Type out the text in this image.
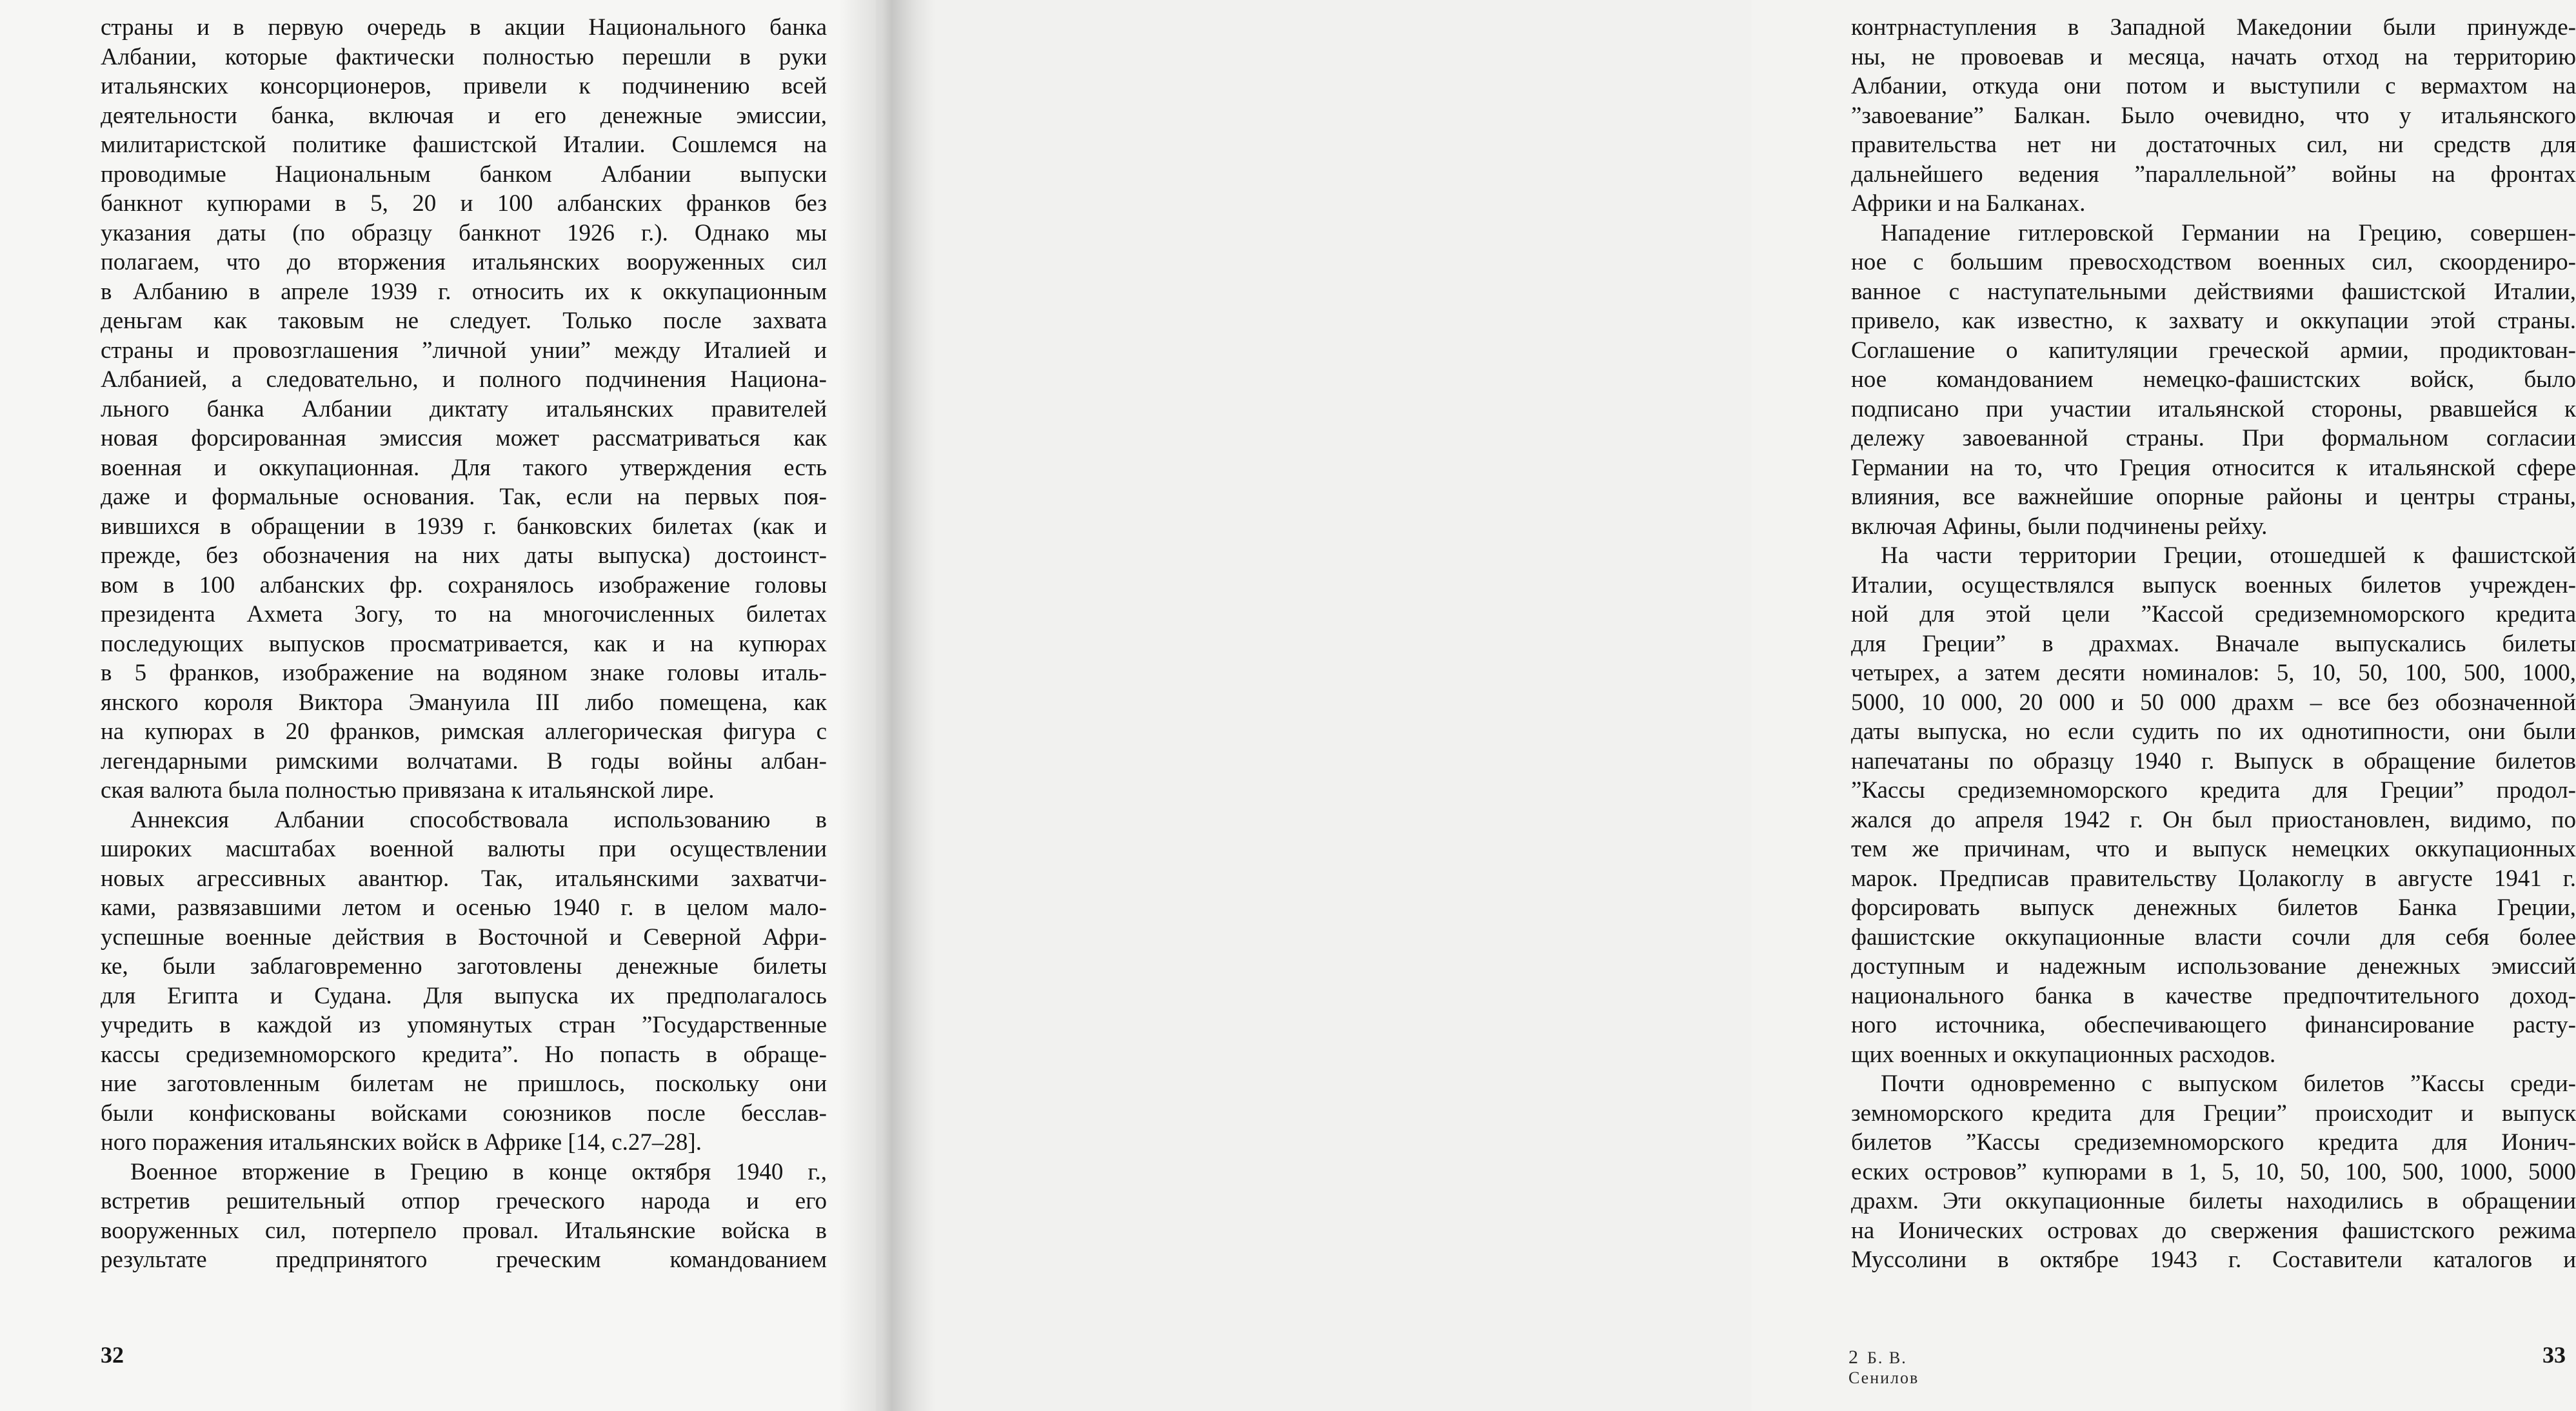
страны и в первую очередь в акции Национального банка
Албании, которые фактически полностью перешли в руки
итальянских консорционеров, привели к подчинению всей
деятельности банка, включая и его денежные эмиссии,
милитаристской политике фашистской Италии. Сошлемся на
проводимые Национальным банком Албании выпуски
банкнот купюрами в 5, 20 и 100 албанских франков без
указания даты (по образцу банкнот 1926 г.). Однако мы
полагаем, что до вторжения итальянских вооруженных сил
в Албанию в апреле 1939 г. относить их к оккупационным
деньгам как таковым не следует. Только после захвата
страны и провозглашения ”личной унии” между Италией и
Албанией, а следовательно, и полного подчинения Национа-
льного банка Албании диктату итальянских правителей
новая форсированная эмиссия может рассматриваться как
военная и оккупационная. Для такого утверждения есть
даже и формальные основания. Так, если на первых поя-
вившихся в обращении в 1939 г. банковских билетах (как и
прежде, без обозначения на них даты выпуска) достоинст-
вом в 100 албанских фр. сохранялось изображение головы
президента Ахмета Зогу, то на многочисленных билетах
последующих выпусков просматривается, как и на купюрах
в 5 франков, изображение на водяном знаке головы италь-
янского короля Виктора Эмануила III либо помещена, как
на купюрах в 20 франков, римская аллегорическая фигура с
легендарными римскими волчатами. В годы войны албан-
ская валюта была полностью привязана к итальянской лире.

Аннексия Албании способствовала использованию в
широких масштабах военной валюты при осуществлении
новых агрессивных авантюр. Так, итальянскими захватчи-
ками, развязавшими летом и осенью 1940 г. в целом мало-
успешные военные действия в Восточной и Северной Афри-
ке, были заблаговременно заготовлены денежные билеты
для Египта и Судана. Для выпуска их предполагалось
учредить в каждой из упомянутых стран ”Государственные
кассы средиземноморского кредита”. Но попасть в обраще-
ние заготовленным билетам не пришлось, поскольку они
были конфискованы войсками союзников после бесслав-
ного поражения итальянских войск в Африке [14, с.27–28].

Военное вторжение в Грецию в конце октября 1940 г.,
встретив решительный отпор греческого народа и его
вооруженных сил, потерпело провал. Итальянские войска в
результате предпринятого греческим командованием

32

контрнаступления в Западной Македонии были принужде-
ны, не провоевав и месяца, начать отход на территорию
Албании, откуда они потом и выступили с вермахтом на
”завоевание” Балкан. Было очевидно, что у итальянского
правительства нет ни достаточных сил, ни средств для
дальнейшего ведения ”параллельной” войны на фронтах
Африки и на Балканах.

Нападение гитлеровской Германии на Грецию, совершен-
ное с большим превосходством военных сил, скоордениро-
ванное с наступательными действиями фашистской Италии,
привело, как известно, к захвату и оккупации этой страны.
Соглашение о капитуляции греческой армии, продиктован-
ное командованием немецко-фашистских войск, было
подписано при участии итальянской стороны, рвавшейся к
дележу завоеванной страны. При формальном согласии
Германии на то, что Греция относится к итальянской сфере
влияния, все важнейшие опорные районы и центры страны,
включая Афины, были подчинены рейху.

На части территории Греции, отошедшей к фашистской
Италии, осуществлялся выпуск военных билетов учрежден-
ной для этой цели ”Кассой средиземноморского кредита
для Греции” в драхмах. Вначале выпускались билеты
четырех, а затем десяти номиналов: 5, 10, 50, 100, 500, 1000,
5000, 10 000, 20 000 и 50 000 драхм – все без обозначенной
даты выпуска, но если судить по их однотипности, они были
напечатаны по образцу 1940 г. Выпуск в обращение билетов
”Кассы средиземноморского кредита для Греции” продол-
жался до апреля 1942 г. Он был приостановлен, видимо, по
тем же причинам, что и выпуск немецких оккупационных
марок. Предписав правительству Цолакоглу в августе 1941 г.
форсировать выпуск денежных билетов Банка Греции,
фашистские оккупационные власти сочли для себя более
доступным и надежным использование денежных эмиссий
национального банка в качестве предпочтительного доход-
ного источника, обеспечивающего финансирование расту-
щих военных и оккупационных расходов.

Почти одновременно с выпуском билетов ”Кассы среди-
земноморского кредита для Греции” происходит и выпуск
билетов ”Кассы средиземноморского кредита для Ионич-
еских островов” купюрами в 1, 5, 10, 50, 100, 500, 1000, 5000
драхм. Эти оккупационные билеты находились в обращении
на Ионических островах до свержения фашистского режима
Муссолини в октябре 1943 г. Составители каталогов и

2 Б. В. Сенилов
33
